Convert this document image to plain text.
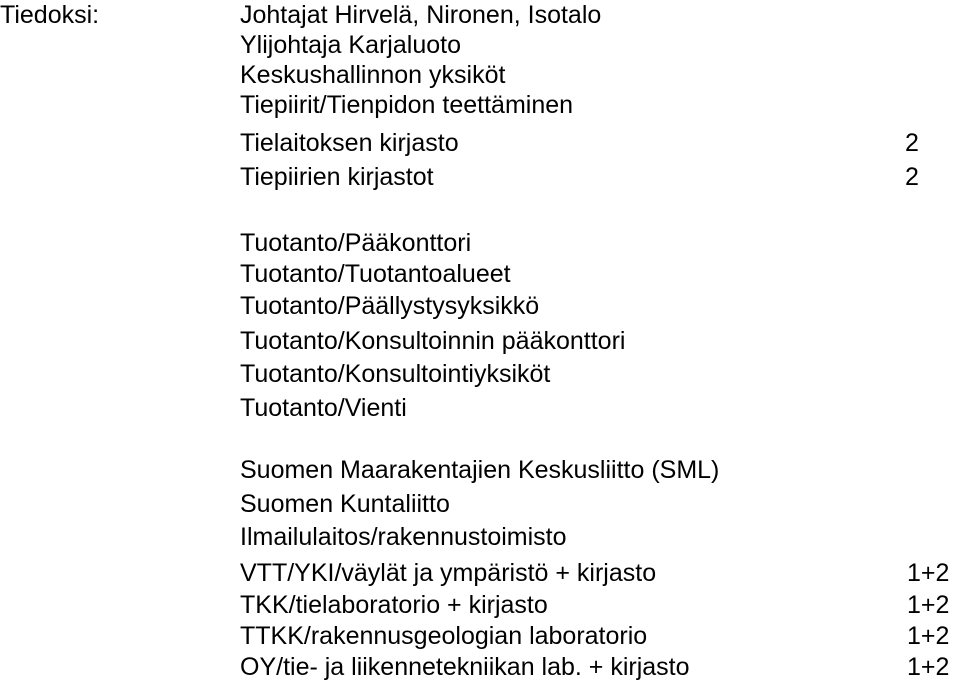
Tiedoksi:	Johtajat Hirvelä, Nironen, Isotalo
Ylijohtaja Karjaluoto
Keskushallinnon yksiköt
Tiepiirit/Tienpidon teettäminen
Tielaitoksen kirjasto	2
Tiepiirien kirjastot	2
Tuotanto/Pääkonttori
Tuotanto/Tuotantoalueet
Tuotanto/Päällystysyksikkö
Tuotanto/Konsultoinnin pääkonttori
Tuotanto/Konsultointiyksiköt
Tuotanto/Vienti
Suomen Maarakentajien Keskusliitto (SML)
Suomen Kuntaliitto
Ilmailulaitos/rakennustoimisto
VTT/YKI/väylät ja ympäristö + kirjasto	1+2
TKK/tielaboratorio + kirjasto	1+2
TTKK/rakennusgeologian laboratorio	1+2
OY/tie- ja liikennetekniikan lab. + kirjasto	1+2
